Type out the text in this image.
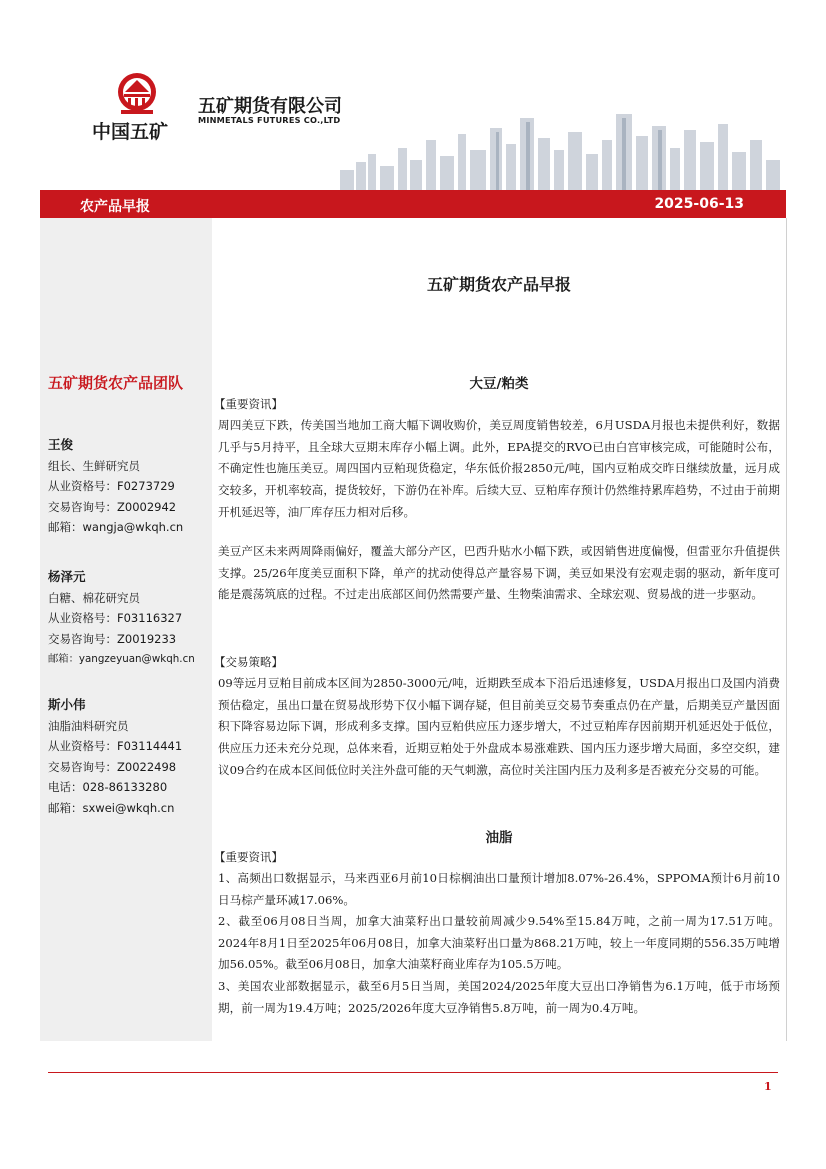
中国五矿
五矿期货有限公司
MINMETALS FUTURES CO.,LTD
农产品早报	2025-06-13
五矿期货农产品团队
王俊
组长、生鲜研究员
从业资格号：F0273729
交易咨询号：Z0002942
邮箱：wangja@wkqh.cn
杨泽元
白糖、棉花研究员
从业资格号：F03116327
交易咨询号：Z0019233
邮箱：yangzeyuan@wkqh.cn
斯小伟
油脂油料研究员
从业资格号：F03114441
交易咨询号：Z0022498
电话：028-86133280
邮箱：sxwei@wkqh.cn
五矿期货农产品早报
大豆/粕类
【重要资讯】
周四美豆下跌，传美国当地加工商大幅下调收购价，美豆周度销售较差，6月USDA月报也未提供利好，数据几乎与5月持平，且全球大豆期末库存小幅上调。此外，EPA提交的RVO已由白宫审核完成，可能随时公布，不确定性也施压美豆。周四国内豆粕现货稳定，华东低价报2850元/吨，国内豆粕成交昨日继续放量，远月成交较多，开机率较高，提货较好，下游仍在补库。后续大豆、豆粕库存预计仍然维持累库趋势，不过由于前期开机延迟等，油厂库存压力相对后移。
美豆产区未来两周降雨偏好，覆盖大部分产区，巴西升贴水小幅下跌，或因销售进度偏慢，但雷亚尔升值提供支撑。25/26年度美豆面积下降，单产的扰动使得总产量容易下调，美豆如果没有宏观走弱的驱动，新年度可能是震荡筑底的过程。不过走出底部区间仍然需要产量、生物柴油需求、全球宏观、贸易战的进一步驱动。
【交易策略】
09等远月豆粕目前成本区间为2850-3000元/吨，近期跌至成本下沿后迅速修复，USDA月报出口及国内消费预估稳定，虽出口量在贸易战形势下仅小幅下调存疑，但目前美豆交易节奏重点仍在产量，后期美豆产量因面积下降容易边际下调，形成利多支撑。国内豆粕供应压力逐步增大，不过豆粕库存因前期开机延迟处于低位，供应压力还未充分兑现，总体来看，近期豆粕处于外盘成本易涨难跌、国内压力逐步增大局面，多空交织，建议09合约在成本区间低位时关注外盘可能的天气刺激，高位时关注国内压力及利多是否被充分交易的可能。
油脂
【重要资讯】
1、高频出口数据显示，马来西亚6月前10日棕榈油出口量预计增加8.07%-26.4%，SPPOMA预计6月前10日马棕产量环减17.06%。
2、截至06月08日当周，加拿大油菜籽出口量较前周减少9.54%至15.84万吨，之前一周为17.51万吨。2024年8月1日至2025年06月08日，加拿大油菜籽出口量为868.21万吨，较上一年度同期的556.35万吨增加56.05%。截至06月08日，加拿大油菜籽商业库存为105.5万吨。
3、美国农业部数据显示，截至6月5日当周，美国2024/2025年度大豆出口净销售为6.1万吨，低于市场预期，前一周为19.4万吨；2025/2026年度大豆净销售5.8万吨，前一周为0.4万吨。
1
